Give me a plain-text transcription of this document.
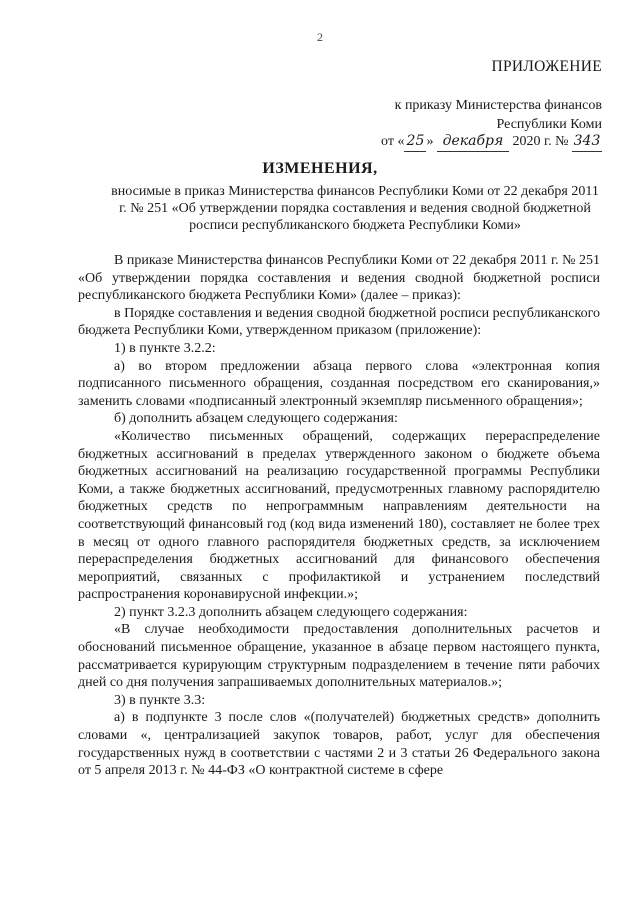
2
ПРИЛОЖЕНИЕ
к приказу Министерства финансов
Республики Коми
от « 25 » декабря 2020 г. № 343
ИЗМЕНЕНИЯ,
вносимые в приказ Министерства финансов Республики Коми от 22 декабря 2011 г. № 251 «Об утверждении порядка составления и ведения сводной бюджетной росписи республиканского бюджета Республики Коми»

В приказе Министерства финансов Республики Коми от 22 декабря 2011 г. № 251 «Об утверждении порядка составления и ведения сводной бюджетной росписи республиканского бюджета Республики Коми» (далее – приказ):

в Порядке составления и ведения сводной бюджетной росписи республиканского бюджета Республики Коми, утвержденном приказом (приложение):

1) в пункте 3.2.2:

а) во втором предложении абзаца первого слова «электронная копия подписанного письменного обращения, созданная посредством его сканирования,» заменить словами «подписанный электронный экземпляр письменного обращения»;

б) дополнить абзацем следующего содержания:

«Количество письменных обращений, содержащих перераспределение бюджетных ассигнований в пределах утвержденного законом о бюджете объема бюджетных ассигнований на реализацию государственной программы Республики Коми, а также бюджетных ассигнований, предусмотренных главному распорядителю бюджетных средств по непрограммным направлениям деятельности на соответствующий финансовый год (код вида изменений 180), составляет не более трех в месяц от одного главного распорядителя бюджетных средств, за исключением перераспределения бюджетных ассигнований для финансового обеспечения мероприятий, связанных с профилактикой и устранением последствий распространения коронавирусной инфекции.»;

2) пункт 3.2.3 дополнить абзацем следующего содержания:

«В случае необходимости предоставления дополнительных расчетов и обоснований письменное обращение, указанное в абзаце первом настоящего пункта, рассматривается курирующим структурным подразделением в течение пяти рабочих дней со дня получения запрашиваемых дополнительных материалов.»;

3) в пункте 3.3:

а) в подпункте 3 после слов «(получателей) бюджетных средств» дополнить словами «, централизацией закупок товаров, работ, услуг для обеспечения государственных нужд в соответствии с частями 2 и 3 статьи 26 Федерального закона от 5 апреля 2013 г. № 44-ФЗ «О контрактной системе в сфере
